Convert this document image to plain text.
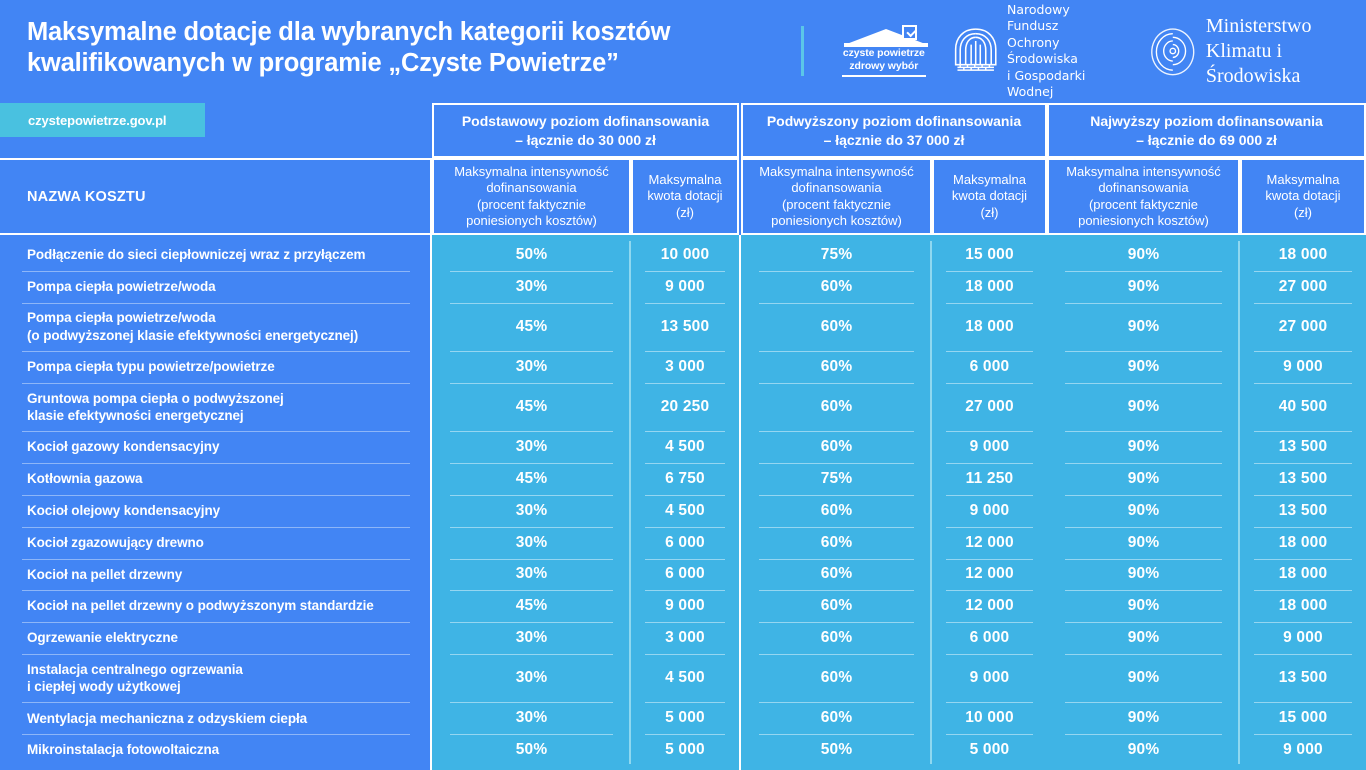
Maksymalne dotacje dla wybranych kategorii kosztów
kwalifikowanych w programie „Czyste Powietrze”	czyste powietrze
zdrowy wybór
Narodowy Fundusz
Ochrony Środowiska
i Gospodarki Wodnej
Ministerstwo
Klimatu i Środowiska
czystepowietrze.gov.pl	Podstawowy poziom dofinansowania
– łącznie do 30 000 zł
Podwyższony poziom dofinansowania
– łącznie do 37 000 zł
Najwyższy poziom dofinansowania
– łącznie do 69 000 zł
NAZWA KOSZTU
Maksymalna intensywność
dofinansowania
(procent faktycznie
poniesionych kosztów)
Maksymalna
kwota dotacji
(zł)
Maksymalna intensywność
dofinansowania
(procent faktycznie
poniesionych kosztów)
Maksymalna
kwota dotacji
(zł)
Maksymalna intensywność
dofinansowania
(procent faktycznie
poniesionych kosztów)
Maksymalna
kwota dotacji
(zł)
Podłączenie do sieci ciepłowniczej wraz z przyłączem	50%	10 000	75%	15 000	90%	18 000
Pompa ciepła powietrze/woda	30%	9 000	60%	18 000	90%	27 000
Pompa ciepła powietrze/woda
(o podwyższonej klasie efektywności energetycznej)
45%	13 500	60%	18 000	90%	27 000
Pompa ciepła typu powietrze/powietrze	30%	3 000	60%	6 000	90%	9 000
Gruntowa pompa ciepła o podwyższonej
klasie efektywności energetycznej
45%	20 250	60%	27 000	90%	40 500
Kocioł gazowy kondensacyjny	30%	4 500	60%	9 000	90%	13 500
Kotłownia gazowa	45%	6 750	75%	11 250	90%	13 500
Kocioł olejowy kondensacyjny	30%	4 500	60%	9 000	90%	13 500
Kocioł zgazowujący drewno	30%	6 000	60%	12 000	90%	18 000
Kocioł na pellet drzewny	30%	6 000	60%	12 000	90%	18 000
Kocioł na pellet drzewny o podwyższonym standardzie	45%	9 000	60%	12 000	90%	18 000
Ogrzewanie elektryczne	30%	3 000	60%	6 000	90%	9 000
Instalacja centralnego ogrzewania
i ciepłej wody użytkowej
30%	4 500	60%	9 000	90%	13 500
Wentylacja mechaniczna z odzyskiem ciepła	30%	5 000	60%	10 000	90%	15 000
Mikroinstalacja fotowoltaiczna	50%	5 000	50%	5 000	90%	9 000
